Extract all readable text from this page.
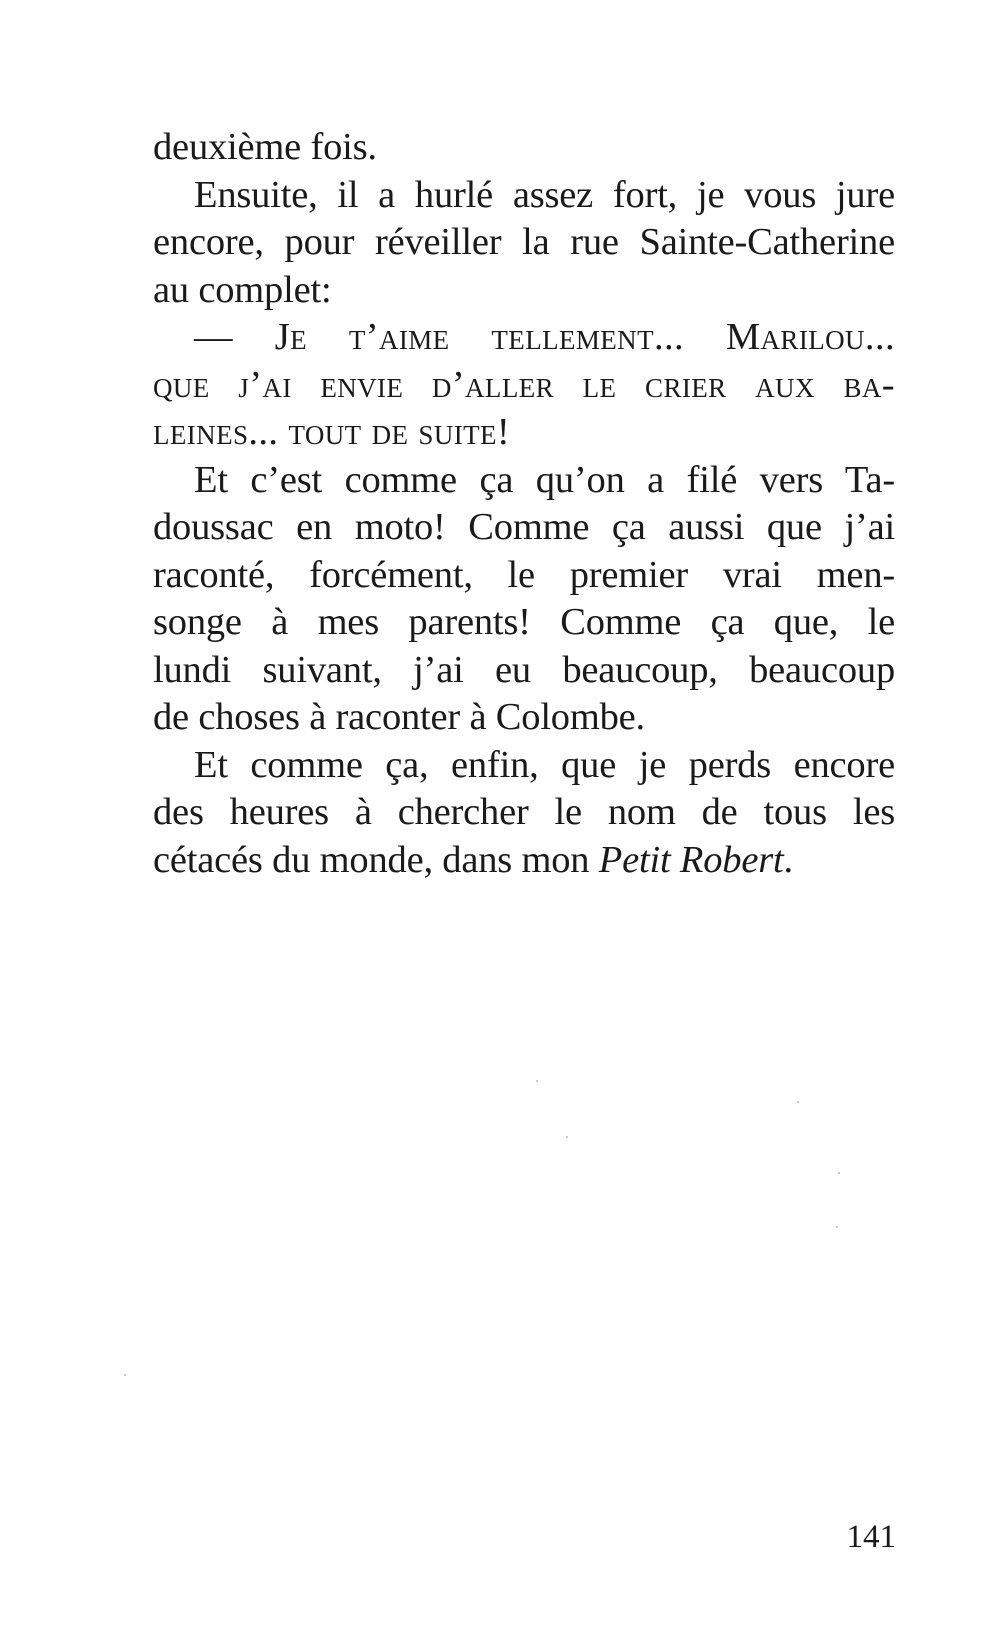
deuxième fois.
Ensuite, il a hurlé assez fort, je vous jure
encore, pour réveiller la rue Sainte-Catherine
au complet:
— Je t’aime tellement... Marilou...
que j’ai envie d’aller le crier aux ba-
leines... tout de suite!
Et c’est comme ça qu’on a filé vers Ta-
doussac en moto! Comme ça aussi que j’ai
raconté, forcément, le premier vrai men-
songe à mes parents! Comme ça que, le
lundi suivant, j’ai eu beaucoup, beaucoup
de choses à raconter à Colombe.
Et comme ça, enfin, que je perds encore
des heures à chercher le nom de tous les
cétacés du monde, dans mon Petit Robert.
141
